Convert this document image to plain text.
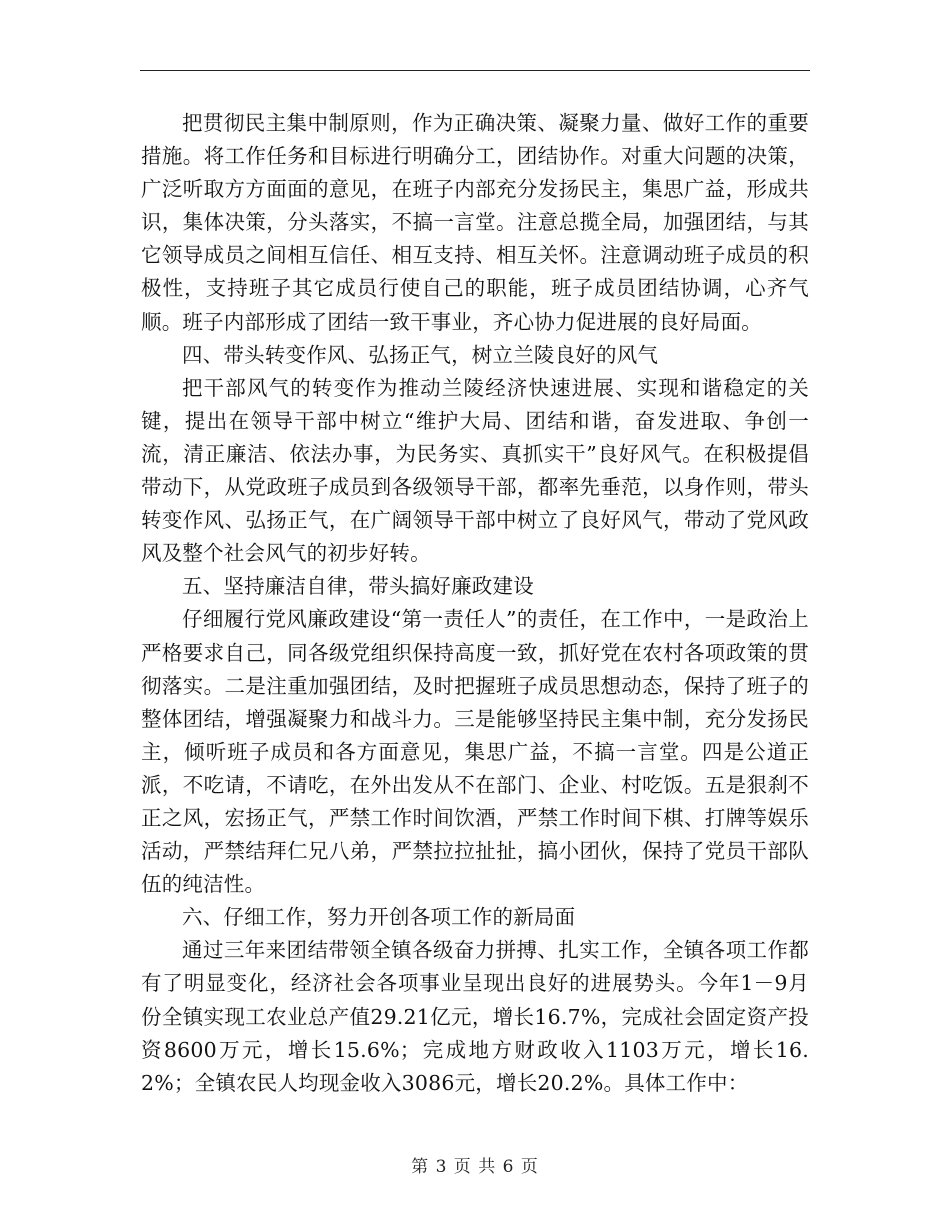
把贯彻民主集中制原则，作为正确决策、凝聚力量、做好工作的重要措施。将工作任务和目标进行明确分工，团结协作。对重大问题的决策，广泛听取方方面面的意见，在班子内部充分发扬民主，集思广益，形成共识，集体决策，分头落实，不搞一言堂。注意总揽全局，加强团结，与其它领导成员之间相互信任、相互支持、相互关怀。注意调动班子成员的积极性，支持班子其它成员行使自己的职能，班子成员团结协调，心齐气顺。班子内部形成了团结一致干事业，齐心协力促进展的良好局面。

四、带头转变作风、弘扬正气，树立兰陵良好的风气

把干部风气的转变作为推动兰陵经济快速进展、实现和谐稳定的关键，提出在领导干部中树立“维护大局、团结和谐，奋发进取、争创一流，清正廉洁、依法办事，为民务实、真抓实干”良好风气。在积极提倡带动下，从党政班子成员到各级领导干部，都率先垂范，以身作则，带头转变作风、弘扬正气，在广阔领导干部中树立了良好风气，带动了党风政风及整个社会风气的初步好转。

五、坚持廉洁自律，带头搞好廉政建设

仔细履行党风廉政建设“第一责任人”的责任，在工作中，一是政治上严格要求自己，同各级党组织保持高度一致，抓好党在农村各项政策的贯彻落实。二是注重加强团结，及时把握班子成员思想动态，保持了班子的整体团结，增强凝聚力和战斗力。三是能够坚持民主集中制，充分发扬民主，倾听班子成员和各方面意见，集思广益，不搞一言堂。四是公道正派，不吃请，不请吃，在外出发从不在部门、企业、村吃饭。五是狠刹不正之风，宏扬正气，严禁工作时间饮酒，严禁工作时间下棋、打牌等娱乐活动，严禁结拜仁兄八弟，严禁拉拉扯扯，搞小团伙，保持了党员干部队伍的纯洁性。

六、仔细工作，努力开创各项工作的新局面

通过三年来团结带领全镇各级奋力拼搏、扎实工作，全镇各项工作都有了明显变化，经济社会各项事业呈现出良好的进展势头。今年1－9月份全镇实现工农业总产值29.21亿元，增长16.7%，完成社会固定资产投资8600万元，增长15.6%；完成地方财政收入1103万元，增长16.2%；全镇农民人均现金收入3086元，增长20.2%。具体工作中：

第 3 页 共 6 页
